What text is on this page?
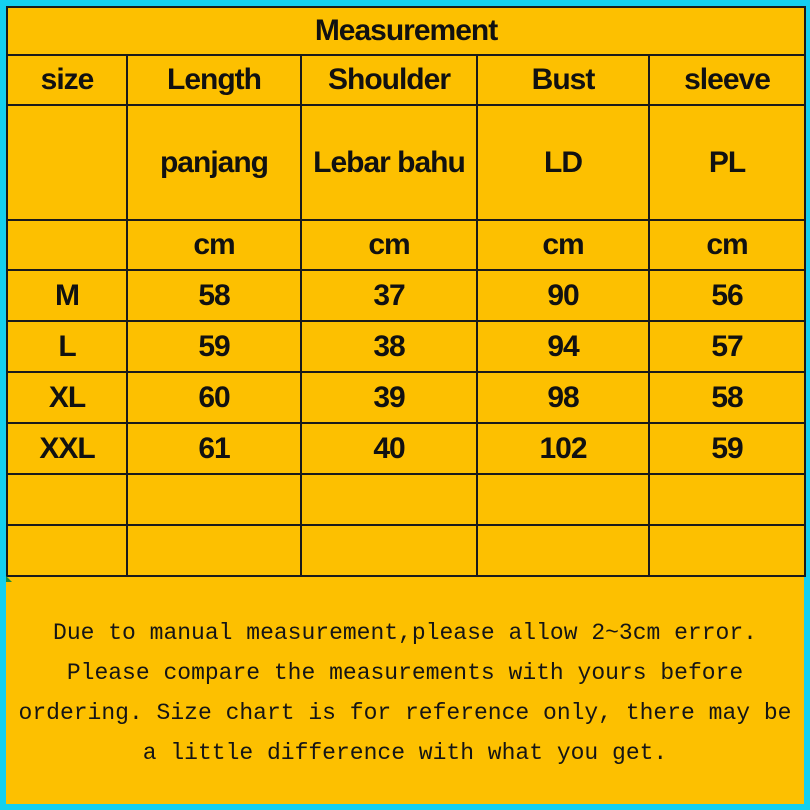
Measurement				
size	Length	Shoulder	Bust	sleeve
	panjang	Lebar bahu	LD	PL
	cm	cm	cm	cm
M	58	37	90	56
L	59	38	94	57
XL	60	39	98	58
XXL	61	40	102	59

Due to manual measurement,please allow 2~3cm error. Please compare the measurements with yours before ordering. Size chart is for reference only, there may be a little difference with what you get.
